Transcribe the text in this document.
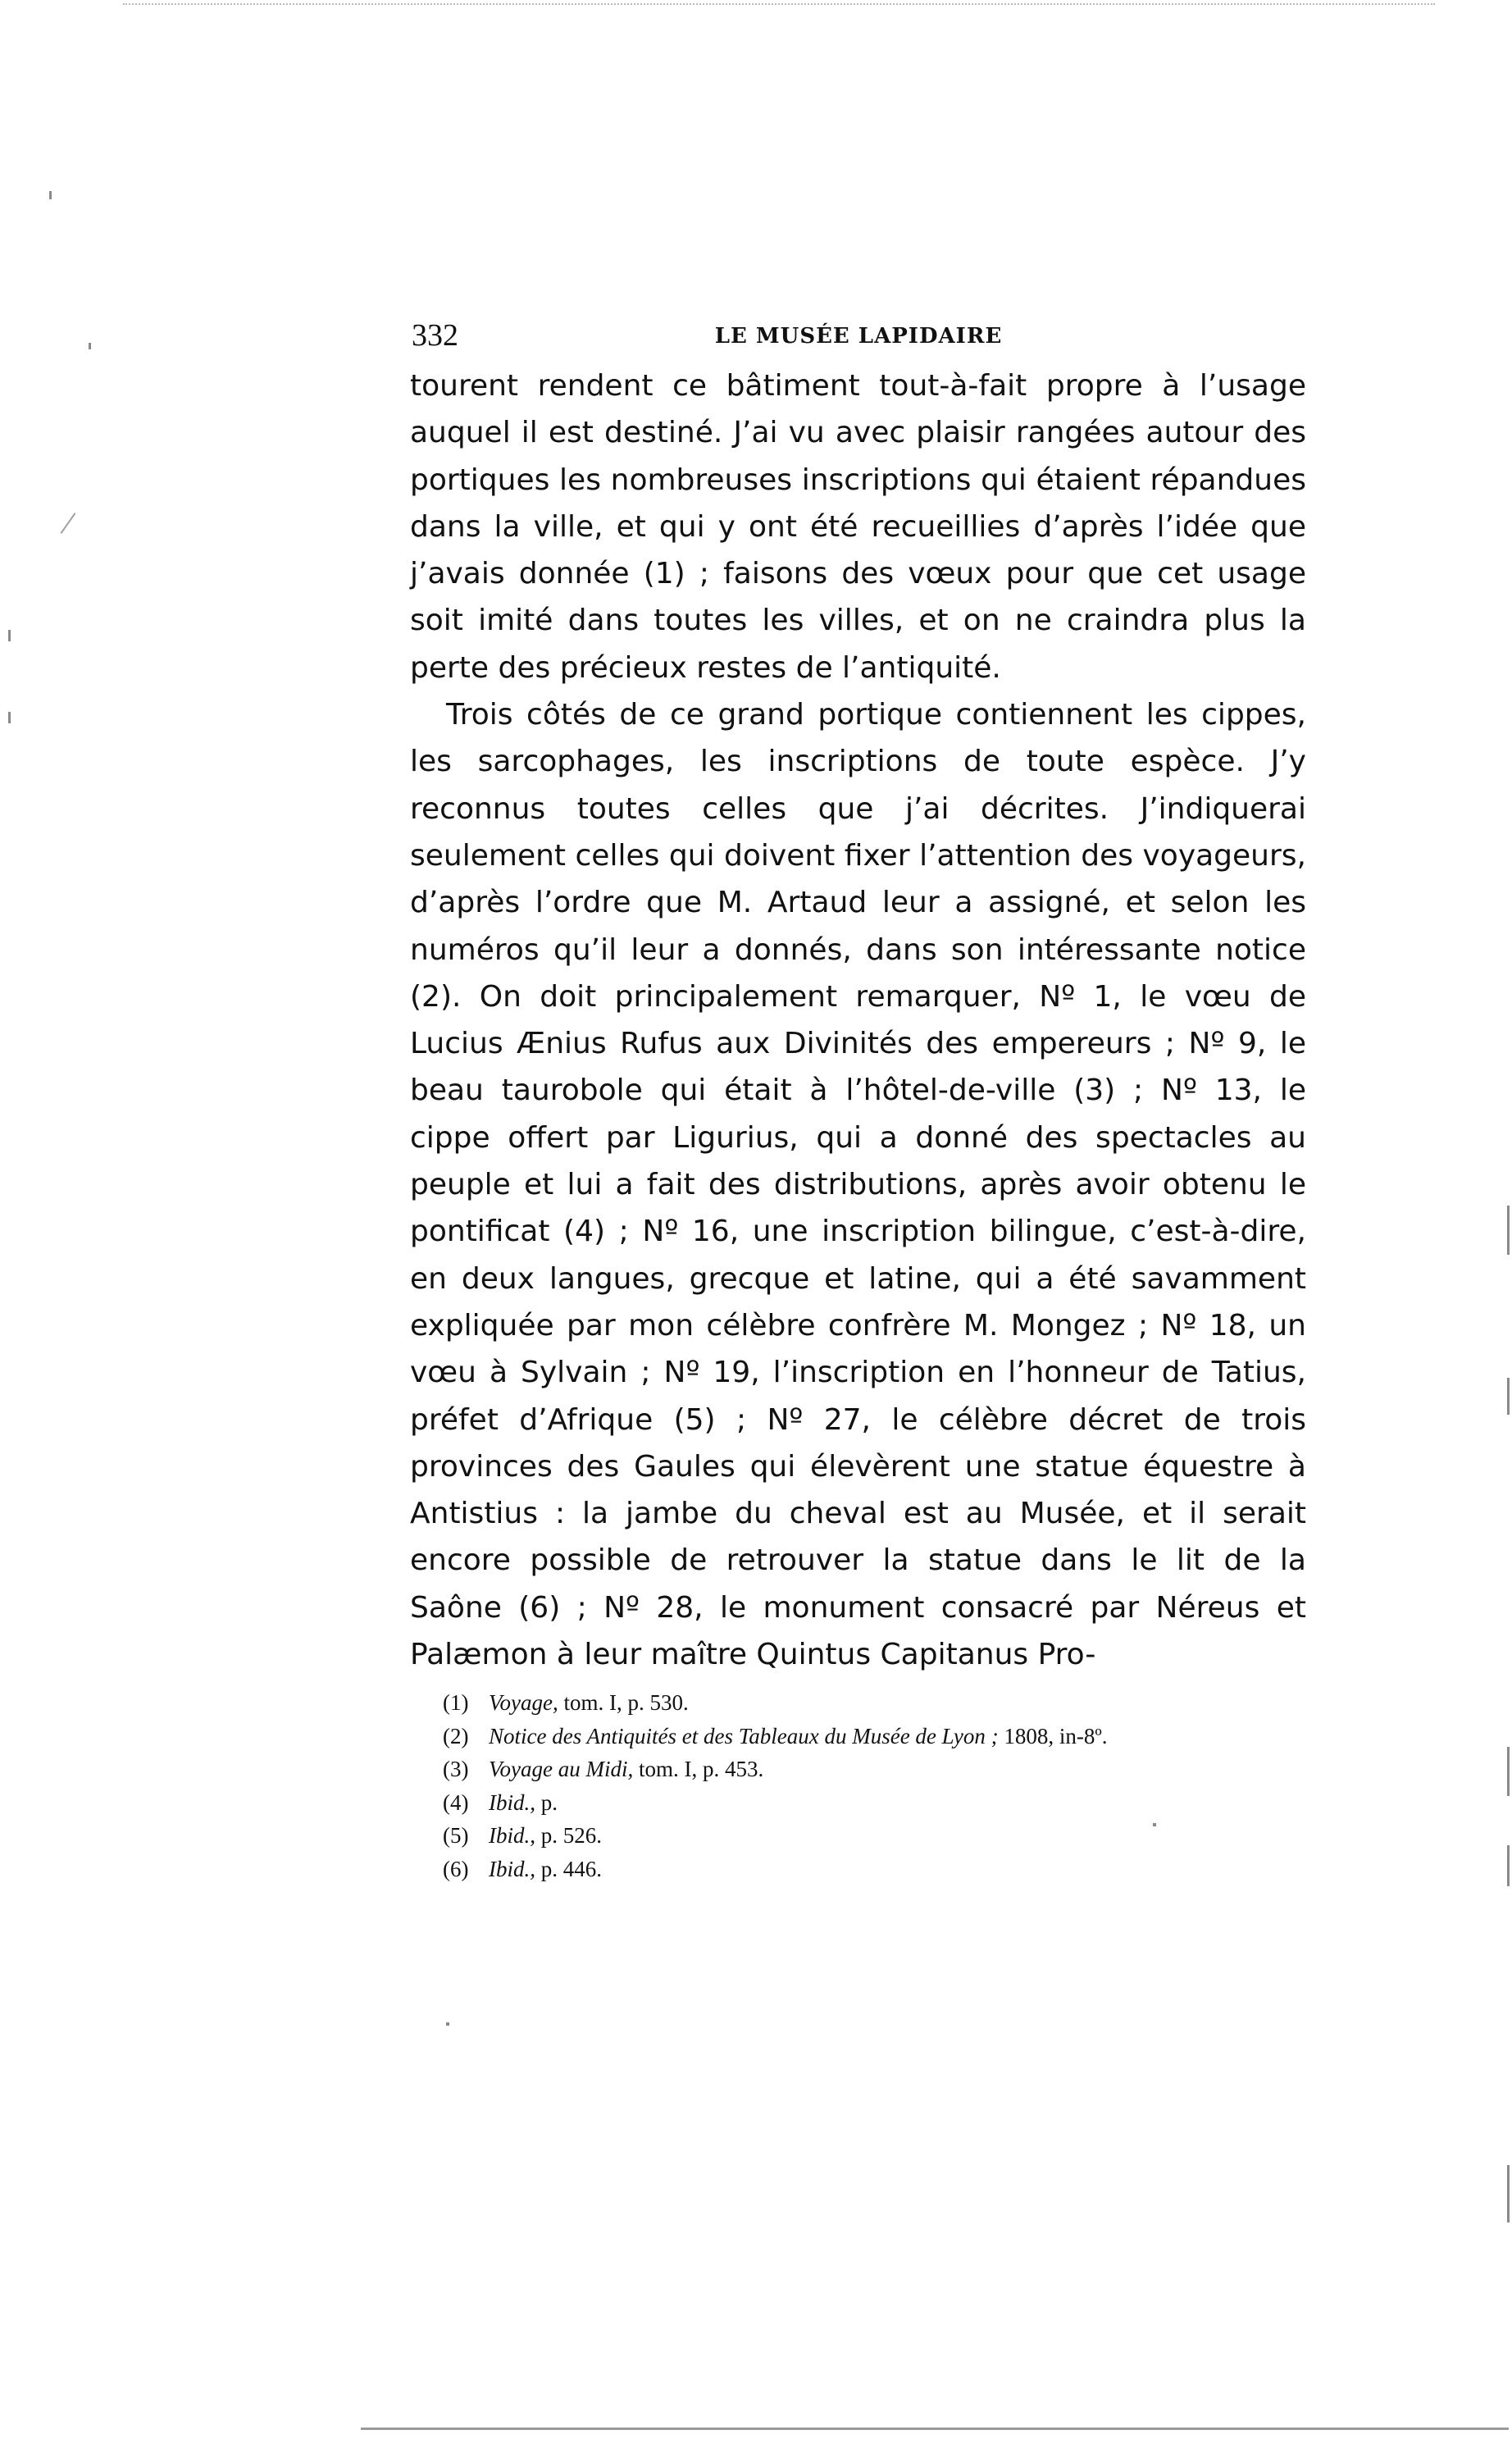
332	LE MUSÉE LAPIDAIRE

tourent rendent ce bâtiment tout-à-fait propre à l’usage auquel il est destiné. J’ai vu avec plaisir rangées autour des portiques les nombreuses inscriptions qui étaient répandues dans la ville, et qui y ont été recueillies d’après l’idée que j’avais donnée (1) ; faisons des vœux pour que cet usage soit imité dans toutes les villes, et on ne craindra plus la perte des précieux restes de l’antiquité.

Trois côtés de ce grand portique contiennent les cippes, les sarcophages, les inscriptions de toute espèce. J’y reconnus toutes celles que j’ai décrites. J’indiquerai seulement celles qui doivent fixer l’attention des voyageurs, d’après l’ordre que M. Artaud leur a assigné, et selon les numéros qu’il leur a donnés, dans son intéressante notice (2). On doit principalement remarquer, Nº 1, le vœu de Lucius Ænius Rufus aux Divinités des empereurs ; Nº 9, le beau taurobole qui était à l’hôtel-de-ville (3) ; Nº 13, le cippe offert par Ligurius, qui a donné des spectacles au peuple et lui a fait des distributions, après avoir obtenu le pontificat (4) ; Nº 16, une inscription bilingue, c’est-à-dire, en deux langues, grecque et latine, qui a été savamment expliquée par mon célèbre confrère M. Mongez ; Nº 18, un vœu à Sylvain ; Nº 19, l’inscription en l’honneur de Tatius, préfet d’Afrique (5) ; Nº 27, le célèbre décret de trois provinces des Gaules qui élevèrent une statue équestre à Antistius : la jambe du cheval est au Musée, et il serait encore possible de retrouver la statue dans le lit de la Saône (6) ; Nº 28, le monument consacré par Néreus et Palæmon à leur maître Quintus Capitanus Pro-

(1) Voyage, tom. I, p. 530.
(2) Notice des Antiquités et des Tableaux du Musée de Lyon ; 1808, in-8º.
(3) Voyage au Midi, tom. I, p. 453.
(4) Ibid., p.
(5) Ibid., p. 526.
(6) Ibid., p. 446.
